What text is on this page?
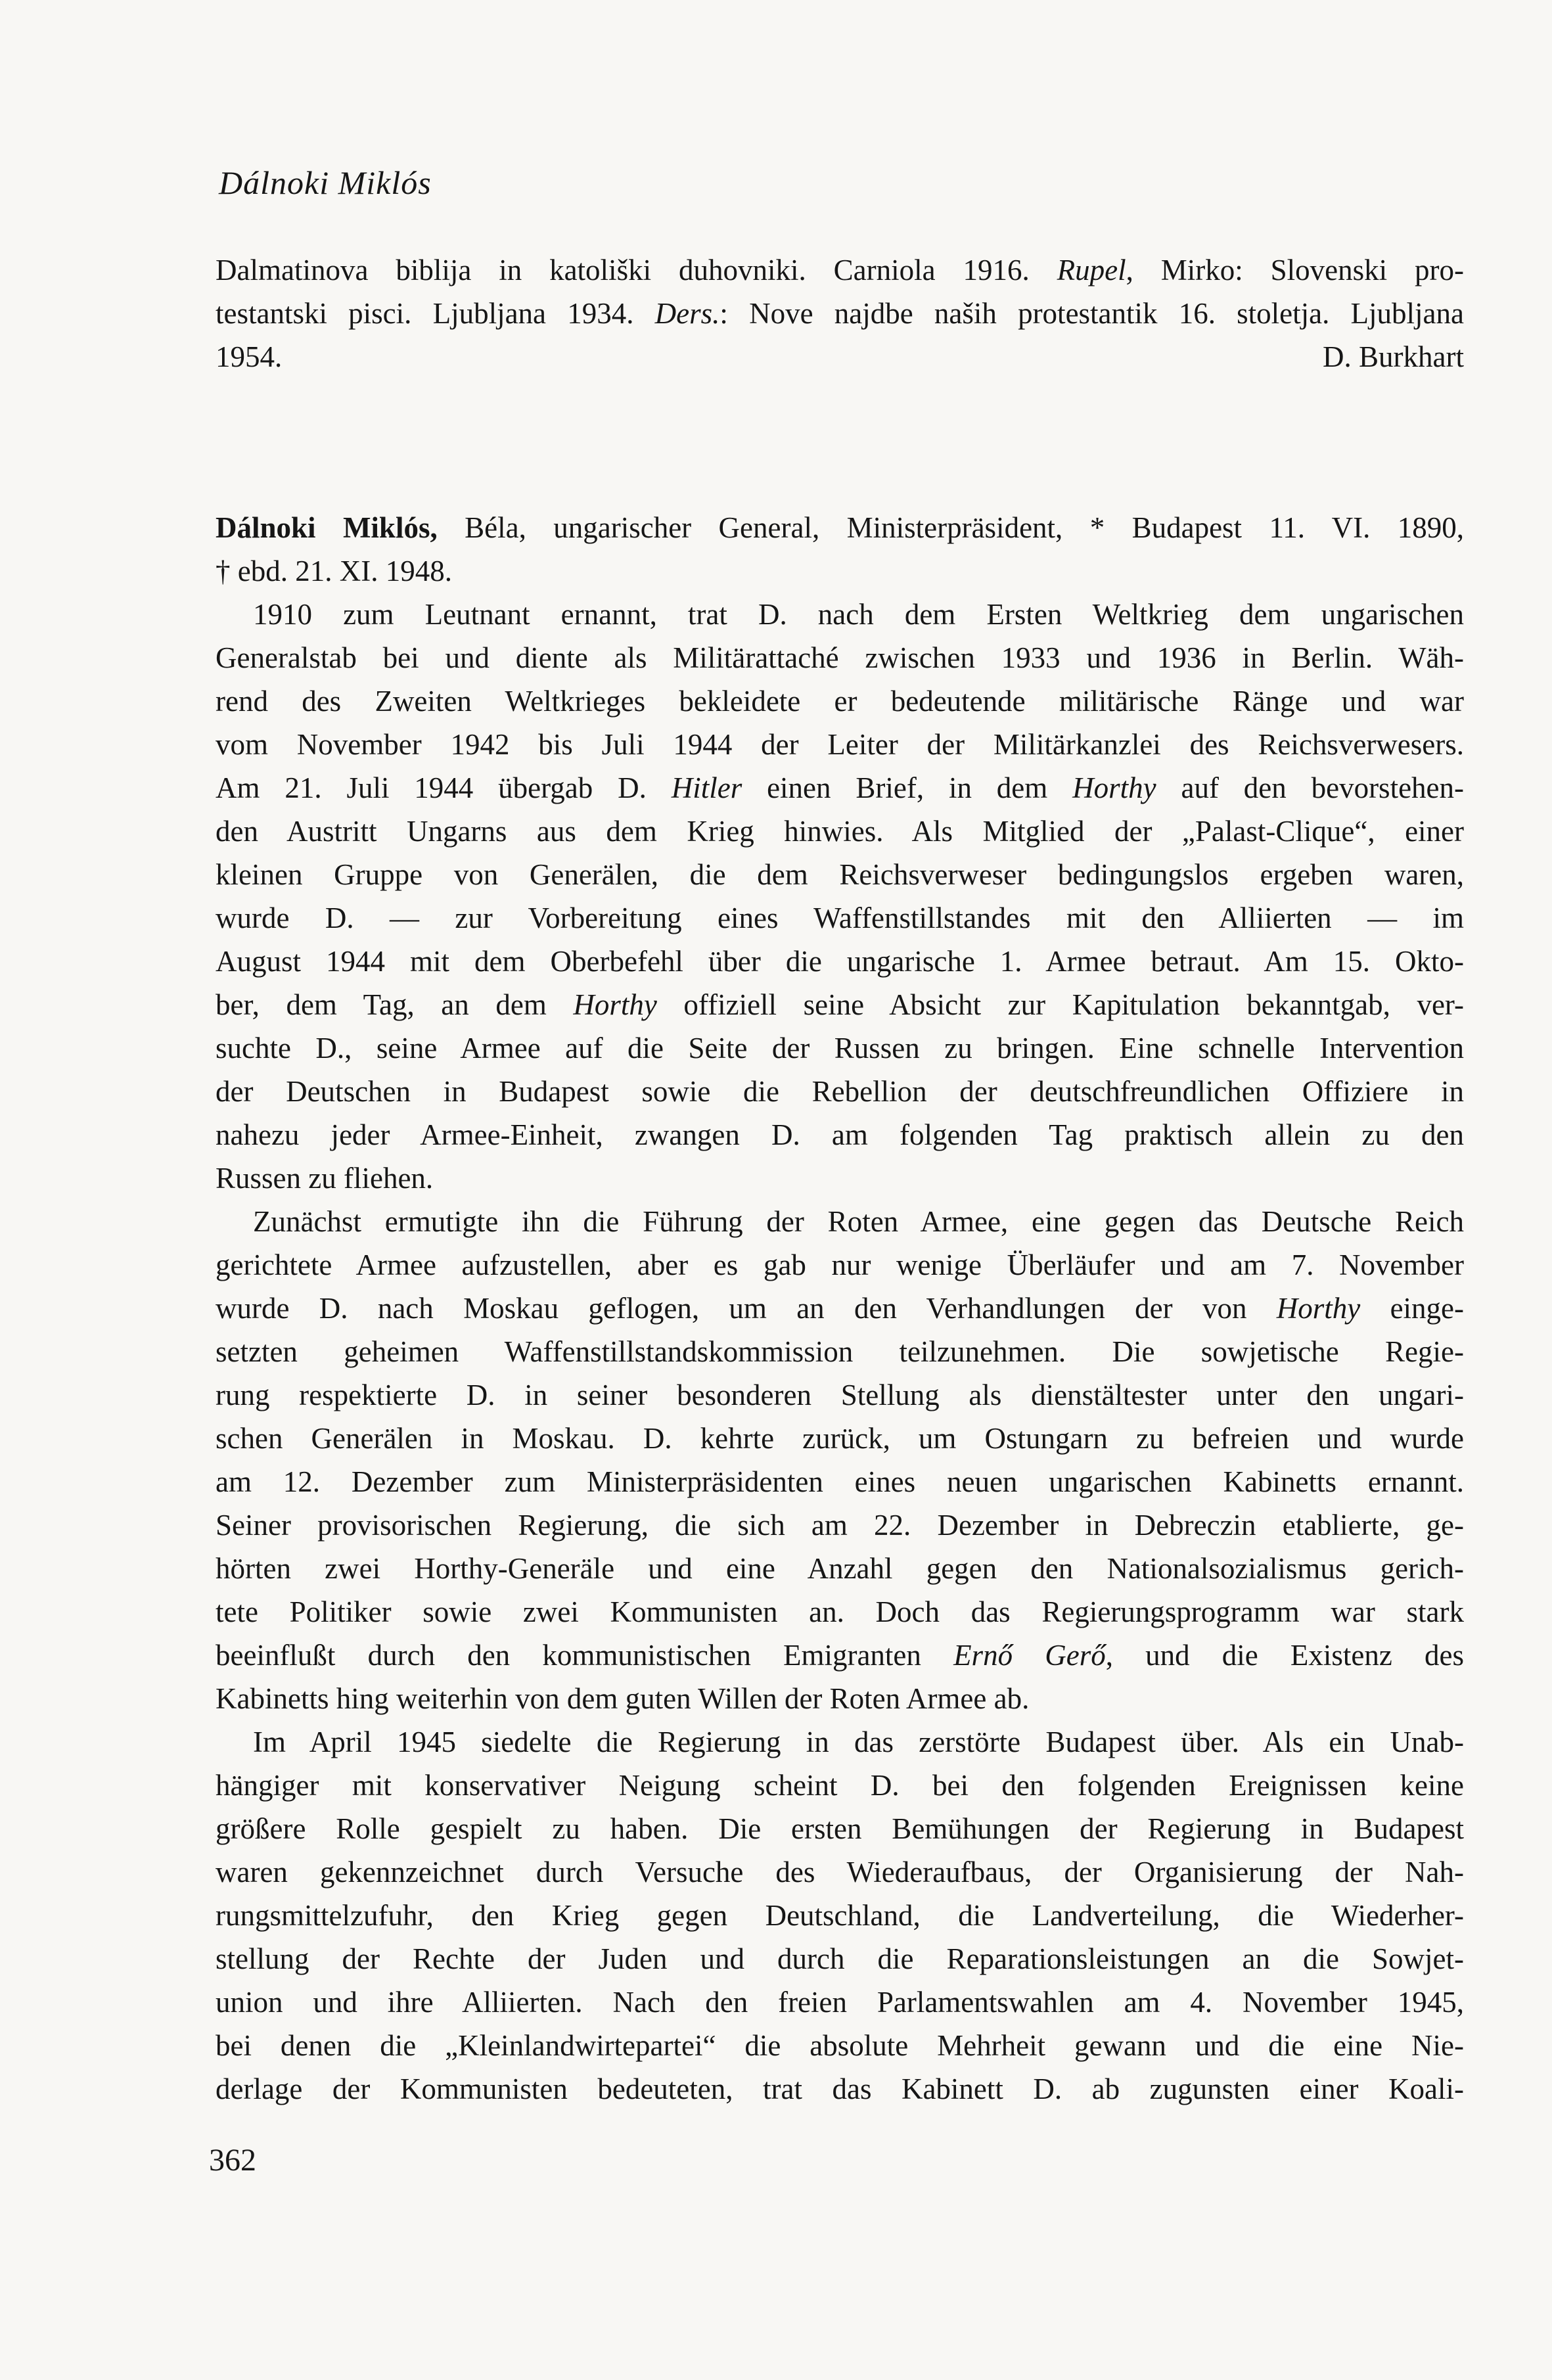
Dálnoki Miklós
Dalmatinova biblija in katoliški duhovniki. Carniola 1916. Rupel, Mirko: Slovenski pro-
testantski pisci. Ljubljana 1934. Ders.: Nove najdbe naših protestantik 16. stoletja. Ljubljana
1954.	D. Burkhart
Dálnoki Miklós, Béla, ungarischer General, Ministerpräsident, * Budapest 11. VI. 1890,
† ebd. 21. XI. 1948.
1910 zum Leutnant ernannt, trat D. nach dem Ersten Weltkrieg dem ungarischen
Generalstab bei und diente als Militärattaché zwischen 1933 und 1936 in Berlin. Wäh-
rend des Zweiten Weltkrieges bekleidete er bedeutende militärische Ränge und war
vom November 1942 bis Juli 1944 der Leiter der Militärkanzlei des Reichsverwesers.
Am 21. Juli 1944 übergab D. Hitler einen Brief, in dem Horthy auf den bevorstehen-
den Austritt Ungarns aus dem Krieg hinwies. Als Mitglied der „Palast-Clique“, einer
kleinen Gruppe von Generälen, die dem Reichsverweser bedingungslos ergeben waren,
wurde D. — zur Vorbereitung eines Waffenstillstandes mit den Alliierten — im
August 1944 mit dem Oberbefehl über die ungarische 1. Armee betraut. Am 15. Okto-
ber, dem Tag, an dem Horthy offiziell seine Absicht zur Kapitulation bekanntgab, ver-
suchte D., seine Armee auf die Seite der Russen zu bringen. Eine schnelle Intervention
der Deutschen in Budapest sowie die Rebellion der deutschfreundlichen Offiziere in
nahezu jeder Armee-Einheit, zwangen D. am folgenden Tag praktisch allein zu den
Russen zu fliehen.
Zunächst ermutigte ihn die Führung der Roten Armee, eine gegen das Deutsche Reich
gerichtete Armee aufzustellen, aber es gab nur wenige Überläufer und am 7. November
wurde D. nach Moskau geflogen, um an den Verhandlungen der von Horthy einge-
setzten geheimen Waffenstillstandskommission teilzunehmen. Die sowjetische Regie-
rung respektierte D. in seiner besonderen Stellung als dienstältester unter den ungari-
schen Generälen in Moskau. D. kehrte zurück, um Ostungarn zu befreien und wurde
am 12. Dezember zum Ministerpräsidenten eines neuen ungarischen Kabinetts ernannt.
Seiner provisorischen Regierung, die sich am 22. Dezember in Debreczin etablierte, ge-
hörten zwei Horthy-Generäle und eine Anzahl gegen den Nationalsozialismus gerich-
tete Politiker sowie zwei Kommunisten an. Doch das Regierungsprogramm war stark
beeinflußt durch den kommunistischen Emigranten Ernő Gerő, und die Existenz des
Kabinetts hing weiterhin von dem guten Willen der Roten Armee ab.
Im April 1945 siedelte die Regierung in das zerstörte Budapest über. Als ein Unab-
hängiger mit konservativer Neigung scheint D. bei den folgenden Ereignissen keine
größere Rolle gespielt zu haben. Die ersten Bemühungen der Regierung in Budapest
waren gekennzeichnet durch Versuche des Wiederaufbaus, der Organisierung der Nah-
rungsmittelzufuhr, den Krieg gegen Deutschland, die Landverteilung, die Wiederher-
stellung der Rechte der Juden und durch die Reparationsleistungen an die Sowjet-
union und ihre Alliierten. Nach den freien Parlamentswahlen am 4. November 1945,
bei denen die „Kleinlandwirtepartei“ die absolute Mehrheit gewann und die eine Nie-
derlage der Kommunisten bedeuteten, trat das Kabinett D. ab zugunsten einer Koali-
362
